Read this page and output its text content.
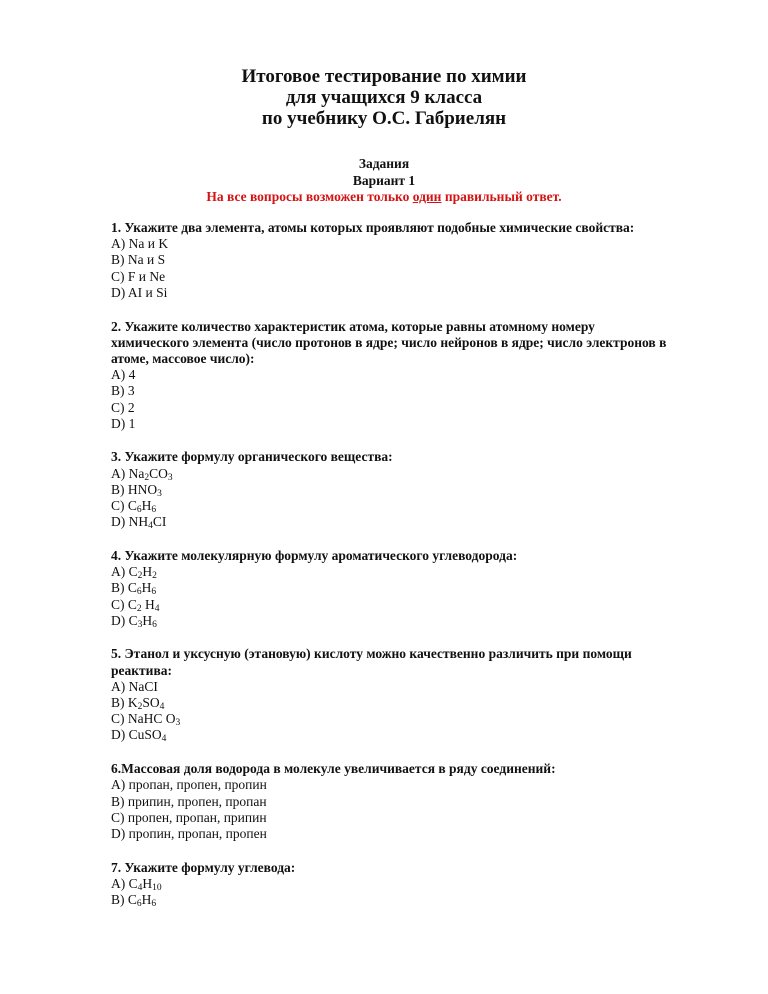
Итоговое тестирование по химии
для учащихся 9 класса
по учебнику О.С. Габриелян
Задания
Вариант 1
На все вопросы возможен только один правильный ответ.
1. Укажите два элемента, атомы которых проявляют подобные химические свойства:
А) Na и K
В) Na и S
С) F и Ne
D) AI и Si
2. Укажите количество характеристик атома, которые равны атомному номеру химического элемента (число протонов в ядре; число нейронов в ядре; число электронов в атоме, массовое число):
А) 4
В) 3
С) 2
D) 1
3. Укажите формулу органического вещества:
А) $Na_2CO_3$
В) $HNO_3$
С) $C_6H_6$
D) $NH_4CI$
4. Укажите молекулярную формулу ароматического углеводорода:
А) $C_2H_2$
В) $C_6H_6$
С) $C_2$ $H_4$
D) $C_3H_6$
5. Этанол и уксусную (этановую) кислоту можно качественно различить при помощи реактива:
А) NaCI
В) $K_2SO_4$
С) NaHC $O_3$
D) CuSO$_4$
6.Массовая доля водорода в молекуле увеличивается в ряду соединений:
А) пропан, пропен, пропин
В) припин, пропен, пропан
С) пропен, пропан, припин
D) пропин, пропан, пропен
7. Укажите формулу углевода:
А) $C_4H_{10}$
В) $C_6H_6$
